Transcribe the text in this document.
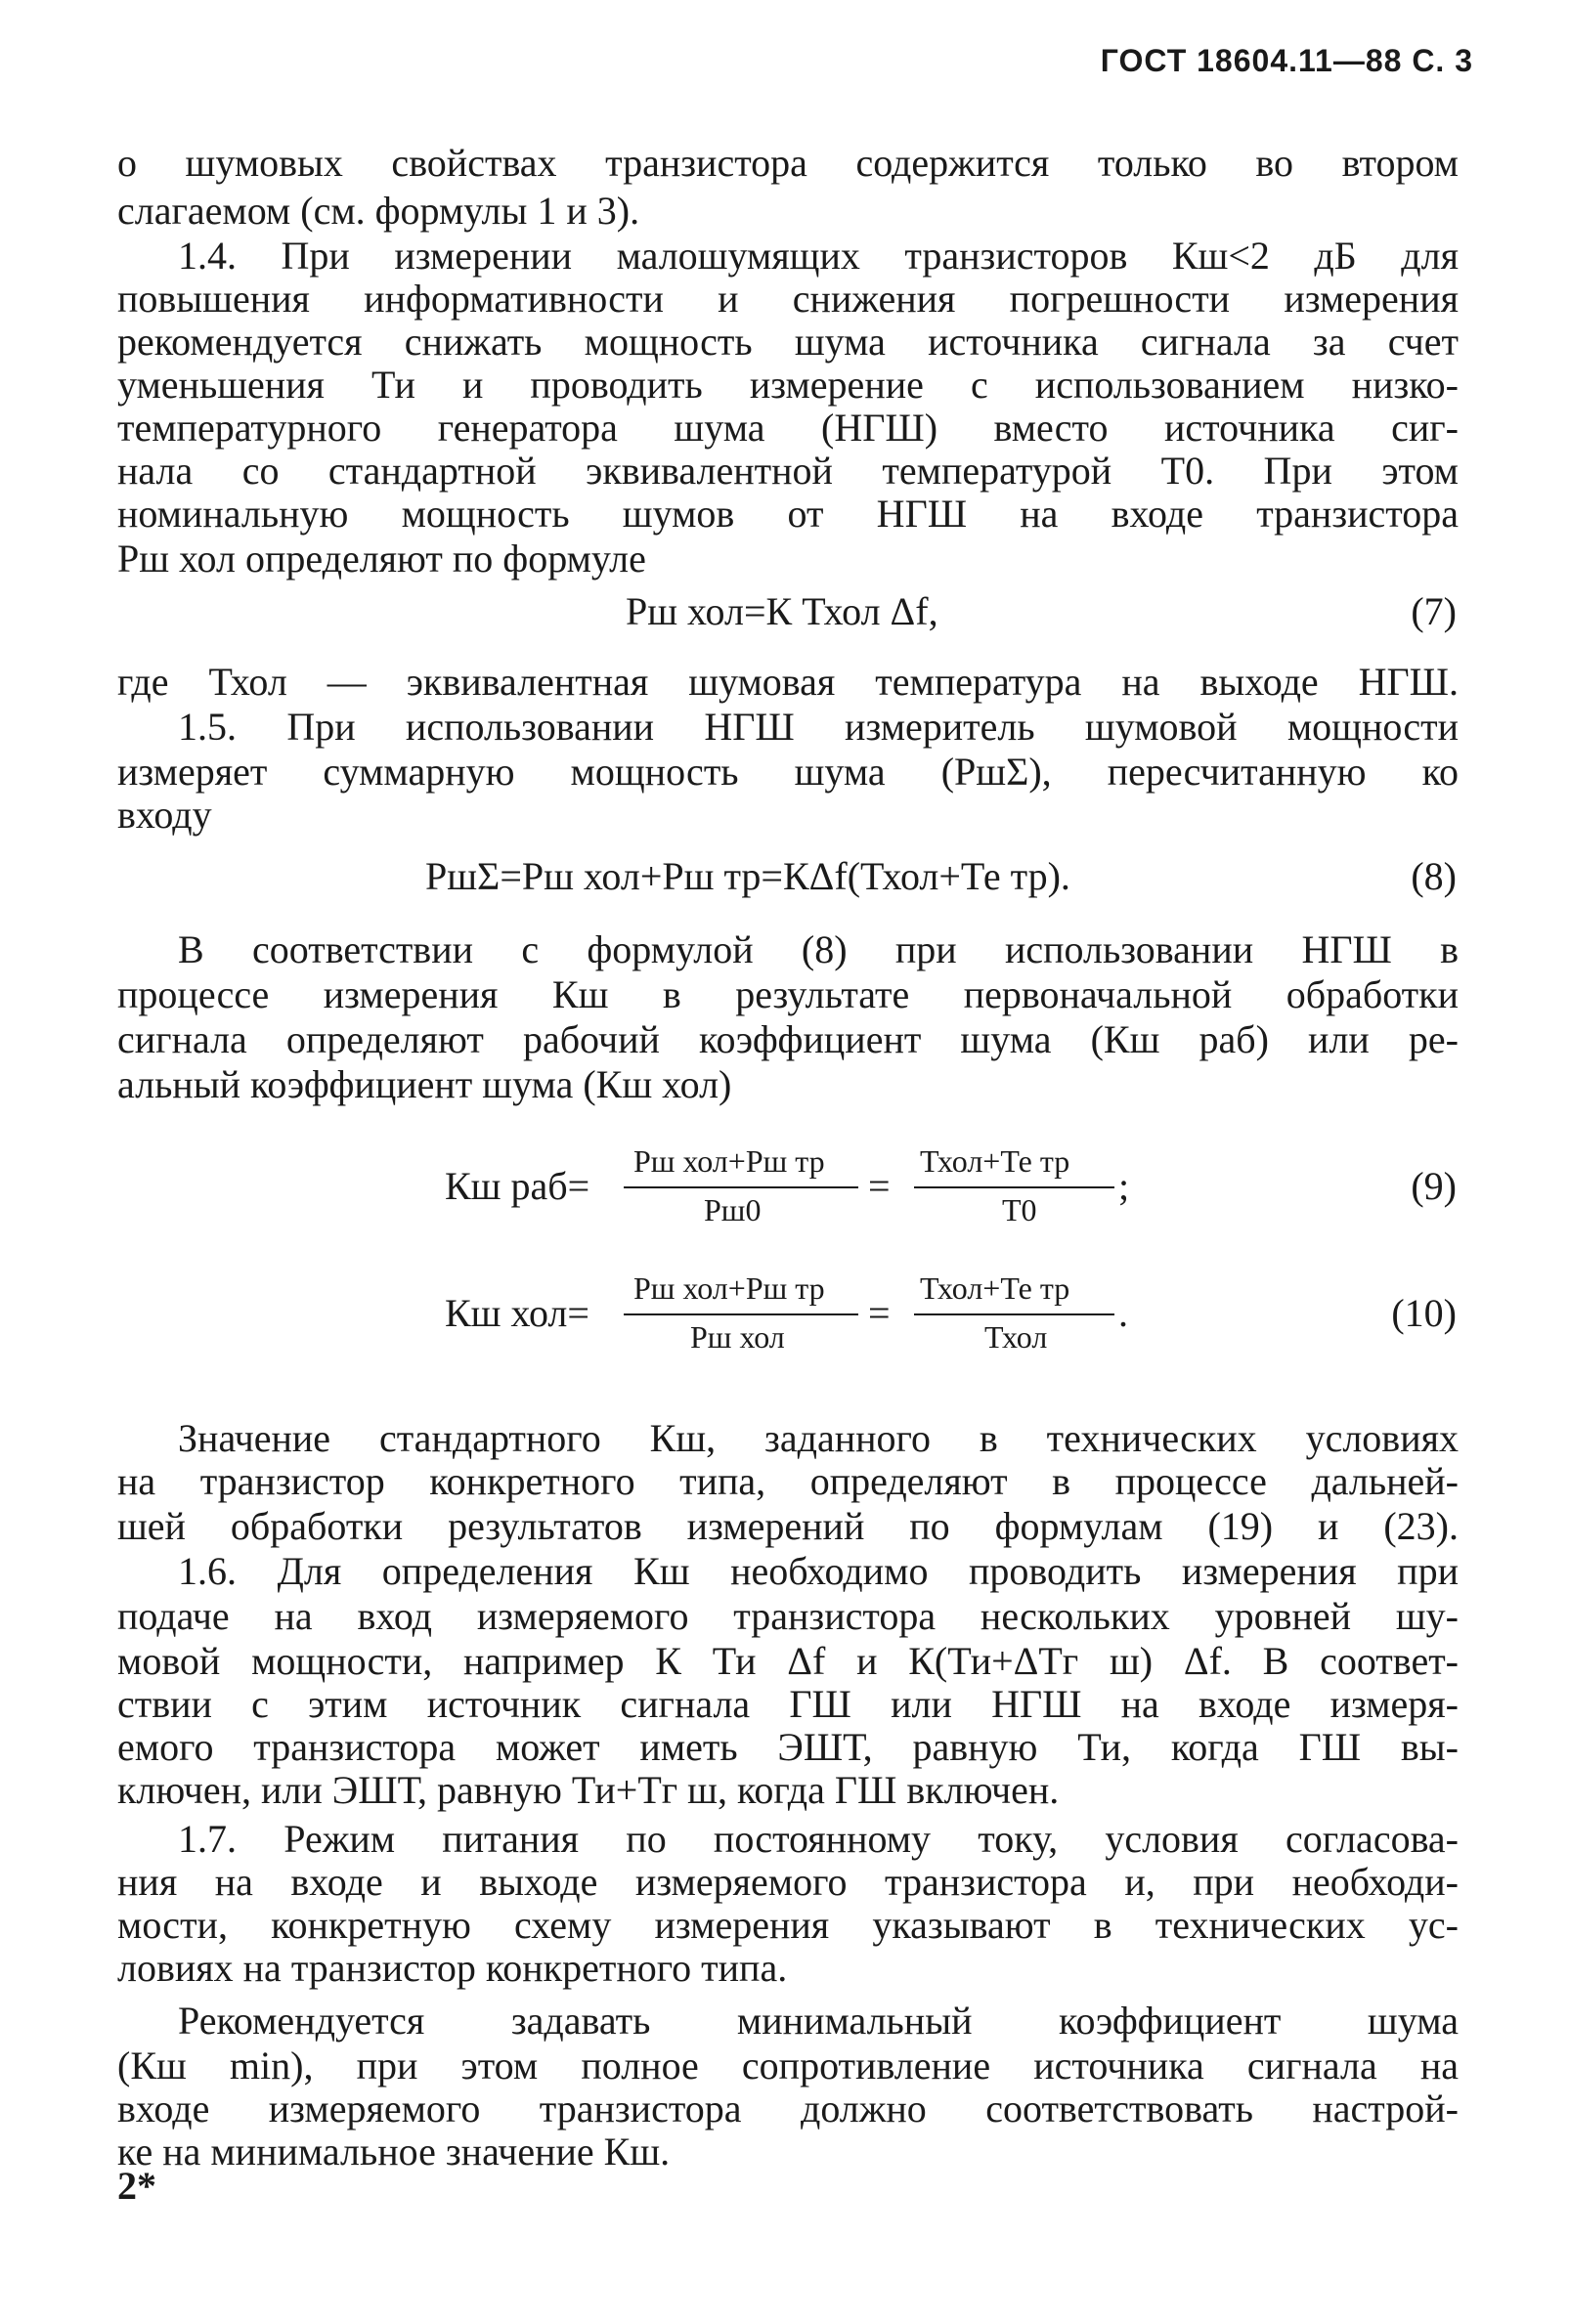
ГОСТ 18604.11—88 С. 3
о шумовых свойствах транзистора содержится только во втором
слагаемом (см. формулы 1 и 3).
1.4. При измерении малошумящих транзисторов Кш<2 дБ для
повышения информативности и снижения погрешности измерения
рекомендуется снижать мощность шума источника сигнала за счет
уменьшения Ти и проводить измерение с использованием низко-
температурного генератора шума (НГШ) вместо источника сиг-
нала со стандартной эквивалентной температурой Т0. При этом
номинальную мощность шумов от НГШ на входе транзистора
Рш хол определяют по формуле
Рш хол=К Тхол Δf,	(7)
где Тхол — эквивалентная шумовая температура на выходе НГШ.
1.5. При использовании НГШ измеритель шумовой мощности
измеряет суммарную мощность шума (РшΣ), пересчитанную ко
входу
РшΣ=Рш хол+Рш тр=КΔf(Тхол+Те тр).	(8)
В соответствии с формулой (8) при использовании НГШ в
процессе измерения Кш в результате первоначальной обработки
сигнала определяют рабочий коэффициент шума (Кш раб) или ре-
альный коэффициент шума (Кш хол)
Кш раб=
Рш хол+Рш тр
Рш0
=
Тхол+Те тр
Т0
;	(9)
Кш хол=
Рш хол+Рш тр
Рш хол
=
Тхол+Те тр
Тхол
.	(10)
Значение стандартного Кш, заданного в технических условиях
на транзистор конкретного типа, определяют в процессе дальней-
шей обработки результатов измерений по формулам (19) и (23).
1.6. Для определения Кш необходимо проводить измерения при
подаче на вход измеряемого транзистора нескольких уровней шу-
мовой мощности, например К Ти Δf и К(Ти+ΔТг ш) Δf. В соответ-
ствии с этим источник сигнала ГШ или НГШ на входе измеря-
емого транзистора может иметь ЭШТ, равную Ти, когда ГШ вы-
ключен, или ЭШТ, равную Ти+Тг ш, когда ГШ включен.
1.7. Режим питания по постоянному току, условия согласова-
ния на входе и выходе измеряемого транзистора и, при необходи-
мости, конкретную схему измерения указывают в технических ус-
ловиях на транзистор конкретного типа.
Рекомендуется задавать минимальный коэффициент шума
(Кш min), при этом полное сопротивление источника сигнала на
входе измеряемого транзистора должно соответствовать настрой-
ке на минимальное значение Кш.
2*
